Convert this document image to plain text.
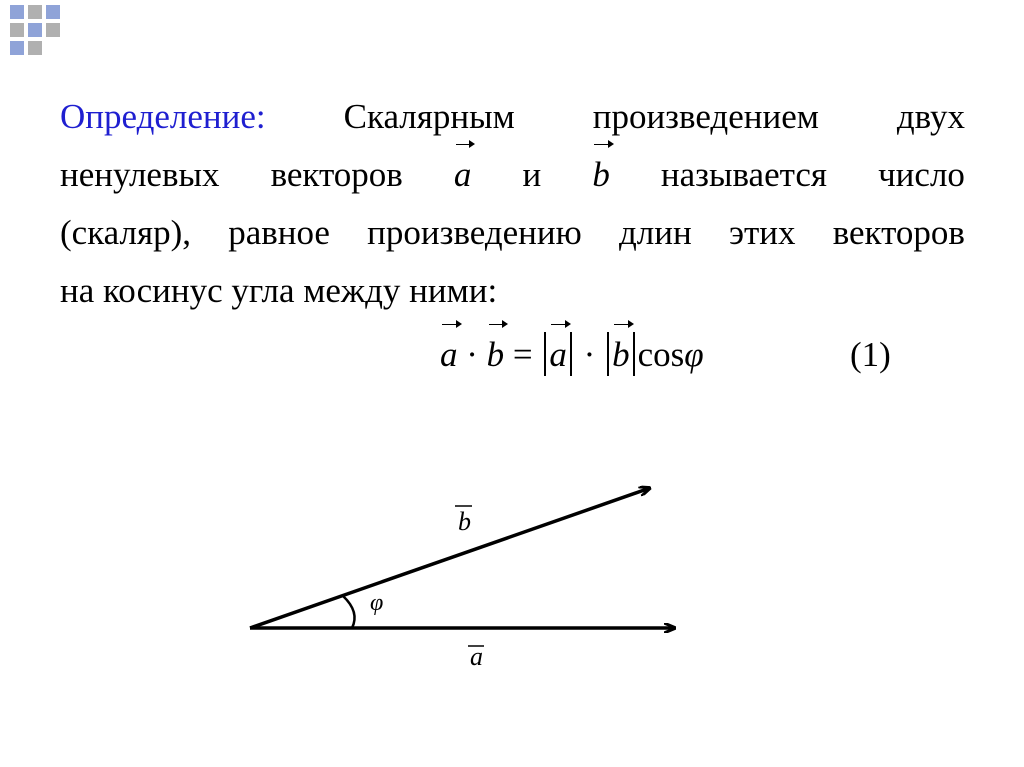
Определение: Скалярным произведением двух
ненулевых векторов a и b называется число
(скаляр), равное произведению длин этих векторов
на косинус угла между ними:
a · b = a · b cosφ	(1)
b
φ
a
